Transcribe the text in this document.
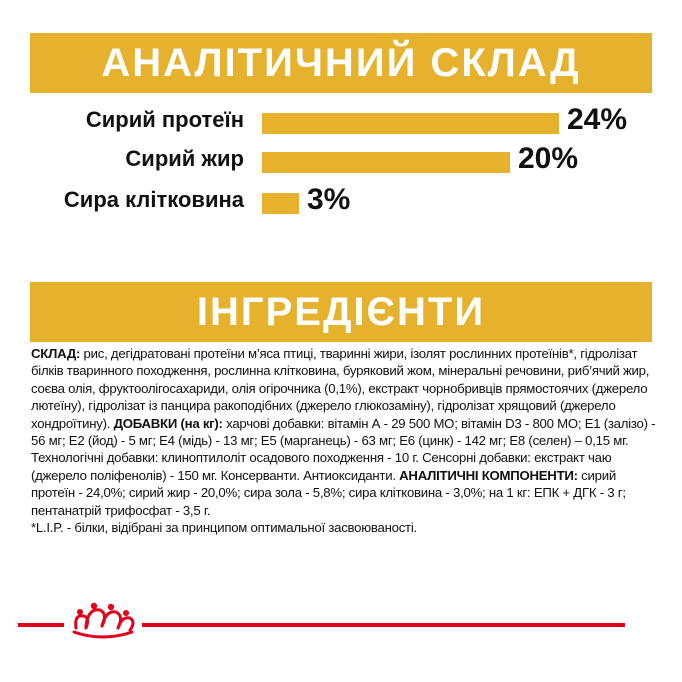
АНАЛІТИЧНИЙ СКЛАД
Сирий протеїн	24%
Сирий жир	20%
Сира клітковина 3%
ІНГРЕДІЄНТИ
СКЛАД: рис, дегідратовані протеїни м’яса птиці, тваринні жири, ізолят рослинних протеїнів*, гідролізат білків тваринного походження, рослинна клітковина, буряковий жом, мінеральні речовини, риб’ячий жир, соєва олія, фруктоолігосахариди, олія огірочника (0,1%), екстракт чорнобривців прямостоячих (джерело лютеїну), гідролізат із панцира ракоподібних (джерело глюкозаміну), гідролізат хрящовий (джерело хондроїтину). ДОБАВКИ (на кг): харчові добавки: вітамін А - 29 500 МО; вітамін D3 - 800 МО; Е1 (залізо) - 56 мг; Е2 (йод) - 5 мг; Е4 (мідь) - 13 мг; Е5 (марганець) - 63 мг; Е6 (цинк) - 142 мг; Е8 (селен) – 0,15 мг. Технологічні добавки: клиноптилоліт осадового походження - 10 г. Сенсорні добавки: екстракт чаю (джерело поліфенолів) - 150 мг. Консерванти. Антиоксиданти. АНАЛІТИЧНІ КОМПОНЕНТИ: сирий протеїн - 24,0%; сирий жир - 20,0%; сира зола - 5,8%; сира клітковина - 3,0%; на 1 кг: ЕПК + ДГК - 3 г; пентанатрій трифосфат - 3,5 г.
*L.I.P. - білки, відібрані за принципом оптимальної засвоюваності.
